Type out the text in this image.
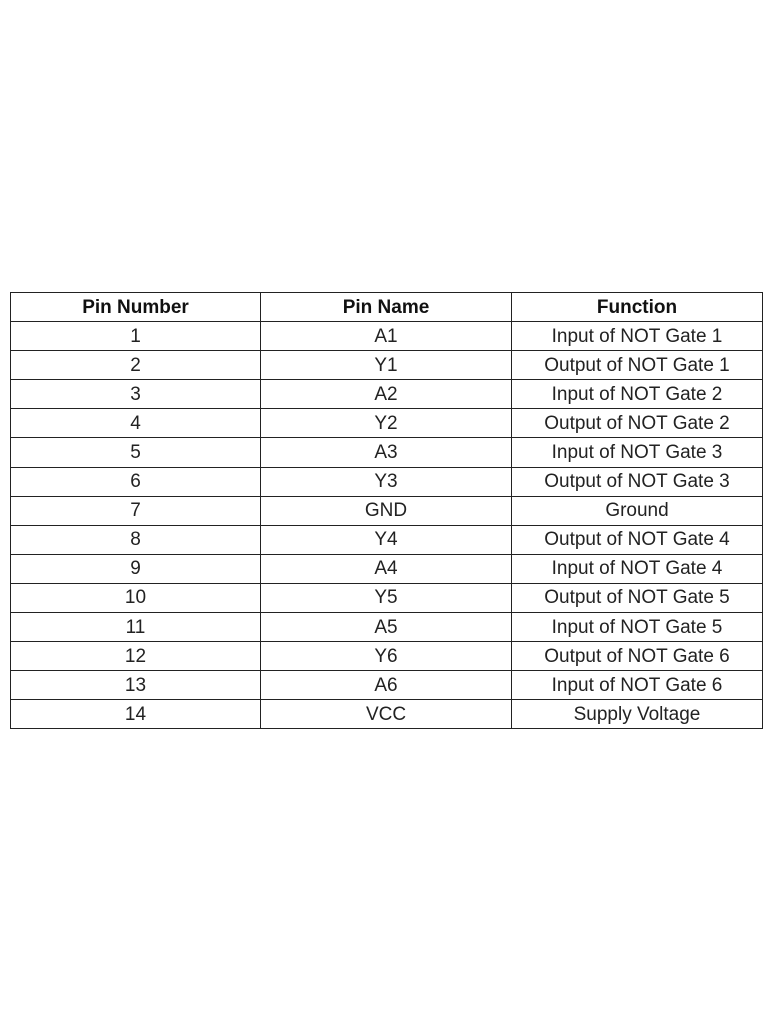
Pin Number	Pin Name	Function
1	A1	Input of NOT Gate 1
2	Y1	Output of NOT Gate 1
3	A2	Input of NOT Gate 2
4	Y2	Output of NOT Gate 2
5	A3	Input of NOT Gate 3
6	Y3	Output of NOT Gate 3
7	GND	Ground
8	Y4	Output of NOT Gate 4
9	A4	Input of NOT Gate 4
10	Y5	Output of NOT Gate 5
11	A5	Input of NOT Gate 5
12	Y6	Output of NOT Gate 6
13	A6	Input of NOT Gate 6
14	VCC	Supply Voltage
